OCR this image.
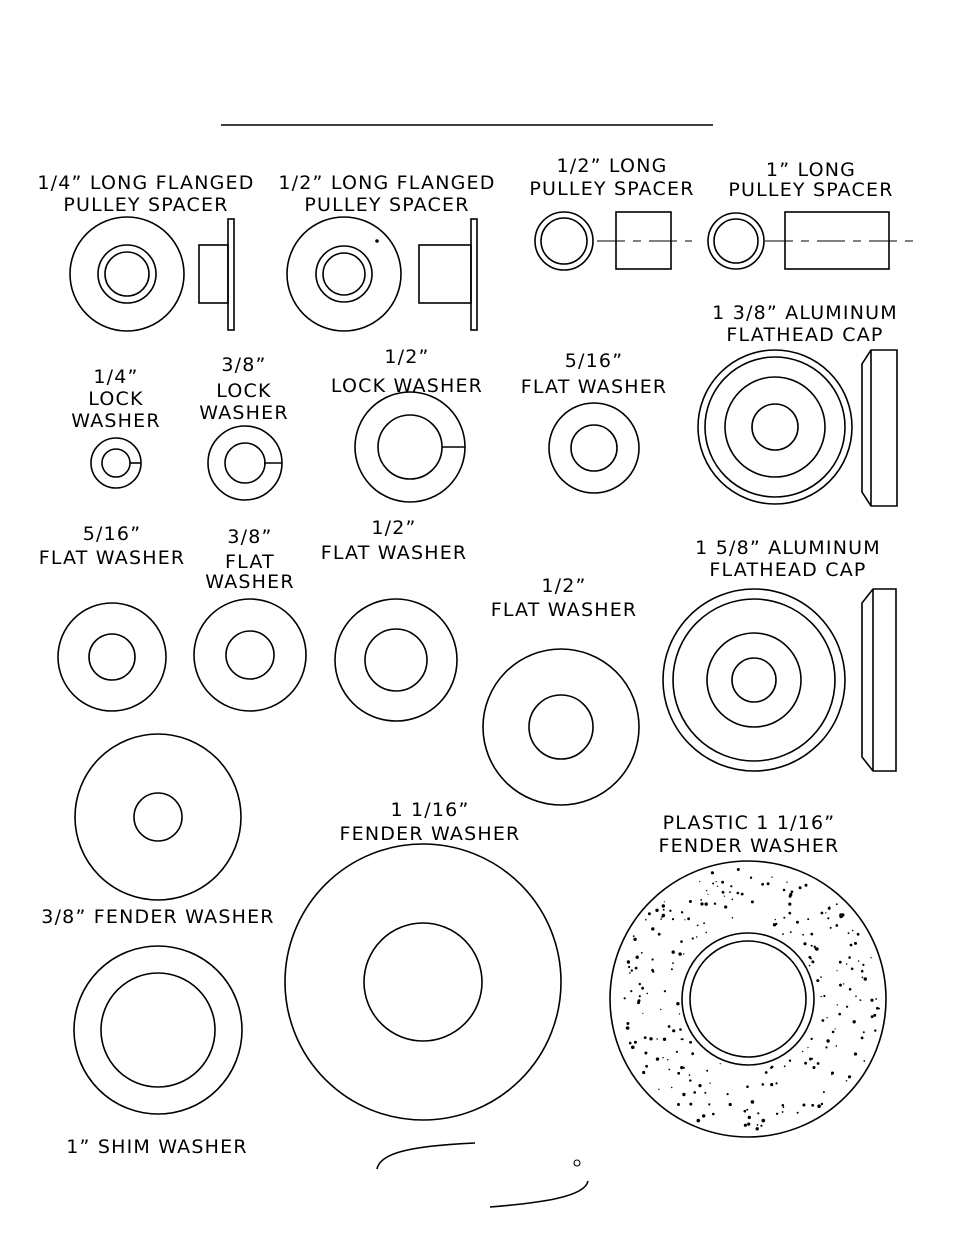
1/4” LONG FLANGED
PULLEY SPACER
1/2” LONG FLANGED
PULLEY SPACER
1/2” LONG
PULLEY SPACER
1” LONG
PULLEY SPACER
1 3/8” ALUMINUM
FLATHEAD CAP
1/4”
LOCK
WASHER
3/8”
LOCK
WASHER
1/2”
LOCK WASHER
5/16”
FLAT WASHER
5/16”
FLAT WASHER
3/8”
FLAT
WASHER
1/2”
FLAT WASHER
1/2”
FLAT WASHER
1 5/8” ALUMINUM
FLATHEAD CAP
3/8” FENDER WASHER
1 1/16”
FENDER WASHER	PLASTIC 1 1/16”
FENDER WASHER
1” SHIM WASHER
